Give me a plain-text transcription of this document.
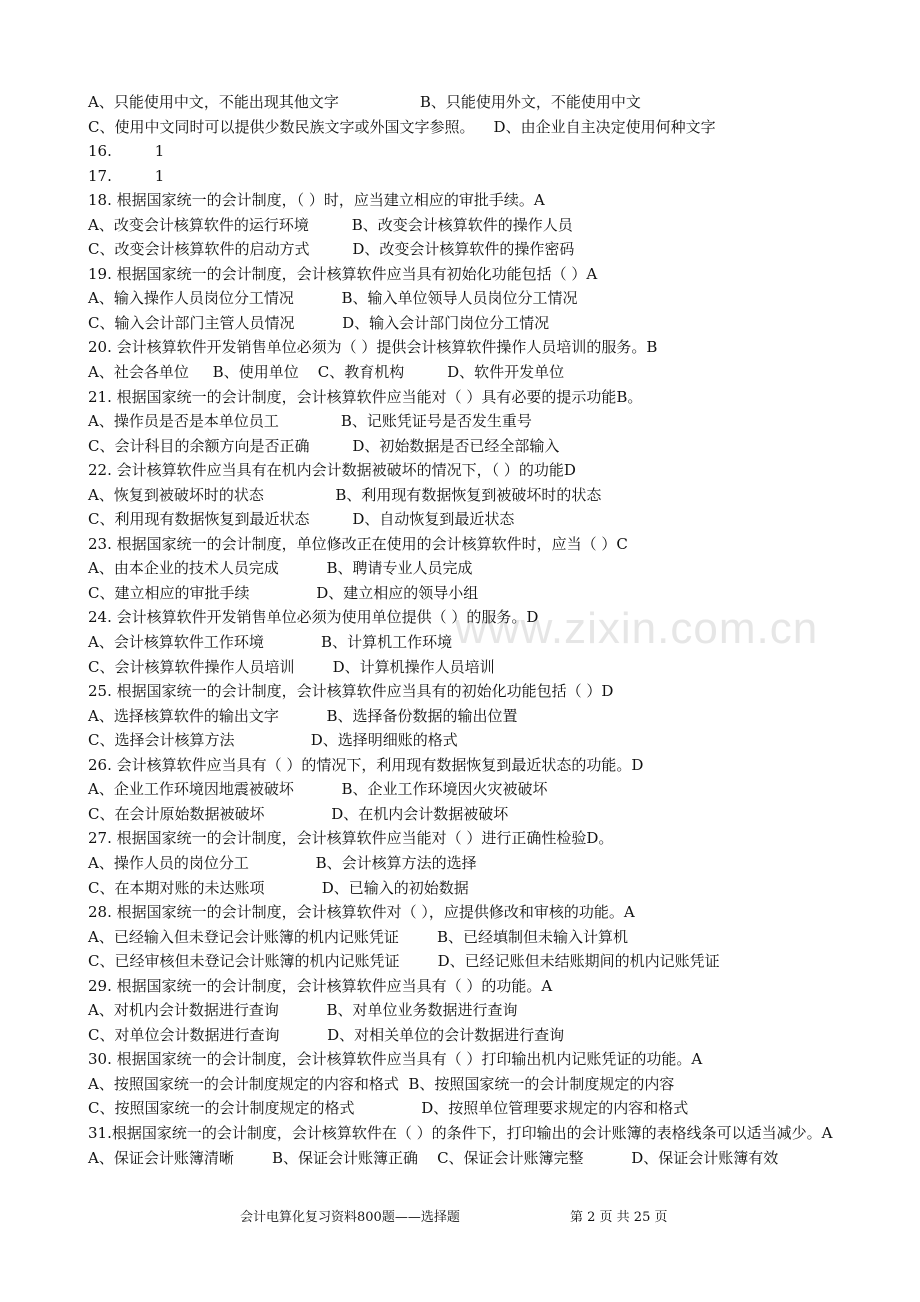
www.zixin.com.cn
A、只能使用中文，不能出现其他文字                 B、只能使用外文，不能使用中文
C、使用中文同时可以提供少数民族文字或外国文字参照。    D、由企业自主决定使用何种文字
16.         1
17.         1
18. 根据国家统一的会计制度，（ ）时，应当建立相应的审批手续。A
A、改变会计核算软件的运行环境         B、改变会计核算软件的操作人员
C、改变会计核算软件的启动方式         D、改变会计核算软件的操作密码
19. 根据国家统一的会计制度，会计核算软件应当具有初始化功能包括（ ）A
A、输入操作人员岗位分工情况          B、输入单位领导人员岗位分工情况
C、输入会计部门主管人员情况          D、输入会计部门岗位分工情况
20. 会计核算软件开发销售单位必须为（ ）提供会计核算软件操作人员培训的服务。B
A、社会各单位     B、使用单位    C、教育机构         D、软件开发单位
21. 根据国家统一的会计制度，会计核算软件应当能对（ ）具有必要的提示功能B。
A、操作员是否是本单位员工             B、记账凭证号是否发生重号
C、会计科目的余额方向是否正确         D、初始数据是否已经全部输入
22. 会计核算软件应当具有在机内会计数据被破坏的情况下，（ ）的功能D
A、恢复到被破坏时的状态               B、利用现有数据恢复到被破坏时的状态
C、利用现有数据恢复到最近状态         D、自动恢复到最近状态
23. 根据国家统一的会计制度，单位修改正在使用的会计核算软件时，应当（ ）C
A、由本企业的技术人员完成          B、聘请专业人员完成
C、建立相应的审批手续              D、建立相应的领导小组
24. 会计核算软件开发销售单位必须为使用单位提供（ ）的服务。D
A、会计核算软件工作环境            B、计算机工作环境
C、会计核算软件操作人员培训        D、计算机操作人员培训
25. 根据国家统一的会计制度，会计核算软件应当具有的初始化功能包括（ ）D
A、选择核算软件的输出文字          B、选择备份数据的输出位置
C、选择会计核算方法                D、选择明细账的格式
26. 会计核算软件应当具有（ ）的情况下，利用现有数据恢复到最近状态的功能。D
A、企业工作环境因地震被破坏          B、企业工作环境因火灾被破坏
C、在会计原始数据被破坏              D、在机内会计数据被破坏
27. 根据国家统一的会计制度，会计核算软件应当能对（ ）进行正确性检验D。
A、操作人员的岗位分工              B、会计核算方法的选择
C、在本期对账的未达账项            D、已输入的初始数据
28. 根据国家统一的会计制度，会计核算软件对（ ），应提供修改和审核的功能。A
A、已经输入但未登记会计账簿的机内记账凭证        B、已经填制但未输入计算机
C、已经审核但未登记会计账簿的机内记账凭证        D、已经记账但未结账期间的机内记账凭证
29. 根据国家统一的会计制度，会计核算软件应当具有（ ）的功能。A
A、对机内会计数据进行查询          B、对单位业务数据进行查询
C、对单位会计数据进行查询          D、对相关单位的会计数据进行查询
30. 根据国家统一的会计制度，会计核算软件应当具有（ ）打印输出机内记账凭证的功能。A
A、按照国家统一的会计制度规定的内容和格式  B、按照国家统一的会计制度规定的内容
C、按照国家统一的会计制度规定的格式              D、按照单位管理要求规定的内容和格式
31.根据国家统一的会计制度，会计核算软件在（ ）的条件下，打印输出的会计账簿的表格线条可以适当减少。A
A、保证会计账簿清晰        B、保证会计账簿正确    C、保证会计账簿完整          D、保证会计账簿有效
会计电算化复习资料800题——选择题	第 2 页 共 25 页
